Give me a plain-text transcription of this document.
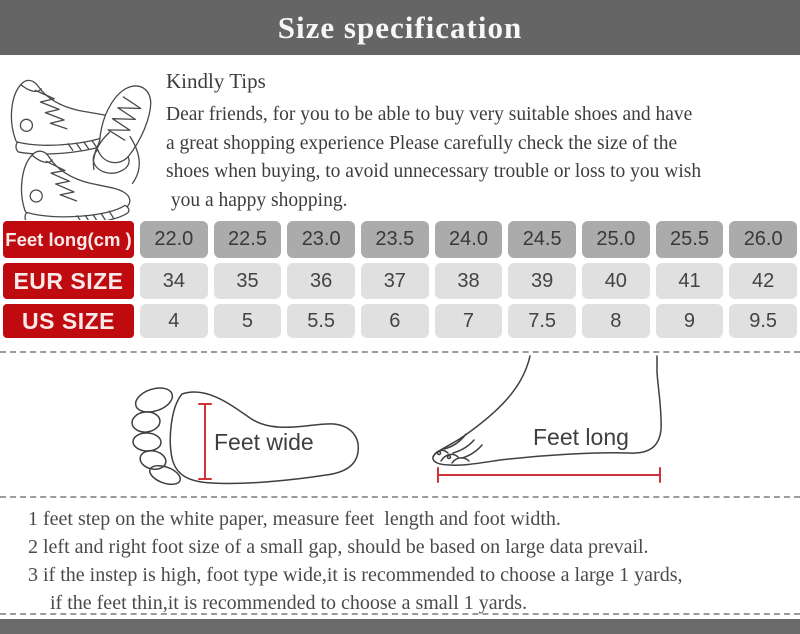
Size specification
Kindly Tips
Dear friends, for you to be able to buy very suitable shoes and have
a great shopping experience Please carefully check the size of the
shoes when buying, to avoid unnecessary trouble or loss to you wish
you a happy shopping.
Feet long(cm )	22.0	22.5	23.0	23.5	24.0	24.5	25.0	25.5	26.0
EUR SIZE	34	35	36	37	38	39	40	41	42
US SIZE	4	5	5.5	6	7	7.5	8	9	9.5
Feet wide	Feet long
1 feet step on the white paper, measure feet  length and foot width.
2 left and right foot size of a small gap, should be based on large data prevail.
3 if the instep is high, foot type wide,it is recommended to choose a large 1 yards,
if the feet thin,it is recommended to choose a small 1 yards.
